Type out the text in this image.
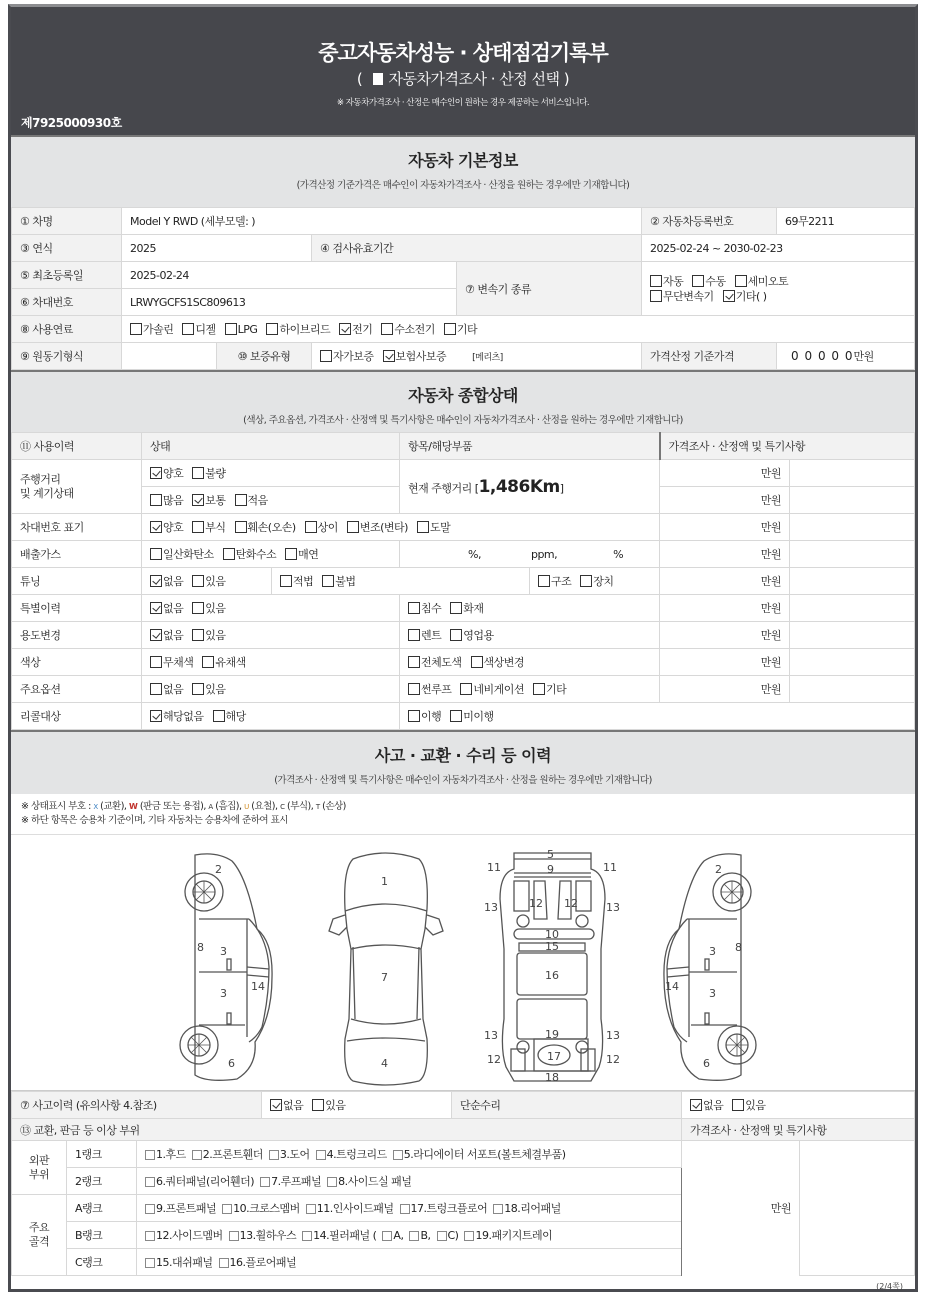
중고자동차성능 · 상태점검기록부
( 자동차가격조사 · 산정 선택 )
※ 자동차가격조사 · 산정은 매수인이 원하는 경우 제공하는 서비스입니다.
제7925000930호
자동차 기본정보
(가격산정 기준가격은 매수인이 자동차가격조사 · 산정을 원하는 경우에만 기재합니다)
① 차명	Model Y RWD (세부모델: )				② 자동차등록번호	69무2211
③ 연식	2025		④ 검사유효기간		2025-02-24 ~ 2030-02-23	
⑤ 최초등록일	2025-02-24			⑦ 변속기 종류	자동 수동 세미오토
무단변속기 기타( )	

⑥ 차대번호	LRWYGCFS1SC809613					
⑧ 사용연료	가솔린 디젤 LPG 하이브리드 전기 수소전기 기타					
⑨ 원동기형식		⑩ 보증유형	자가보증 보험사보증 [메리츠]		가격산정 기준가격	0 0 0 0 0만원
자동차 종합상태
(색상, 주요옵션, 가격조사 · 산정액 및 특기사항은 매수인이 자동차가격조사 · 산정을 원하는 경우에만 기재합니다)
⑪ 사용이력	상태		항목/해당부품		가격조사 · 산정액 및 특기사항	
주행거리
및 계기상태	양호 불량		현재 주행거리 [1,486Km]		만원	
	많음 보통 적음				만원	
차대번호 표기	양호 부식 훼손(오손) 상이 변조(변타) 도말				만원	
배출가스	일산화탄소 탄화수소 매연		%, ppm, %		만원	
튜닝	없음 있음	적법 불법		구조 장치	만원	
특별이력	없음 있음		침수 화재		만원	
용도변경	없음 있음		렌트 영업용		만원	
색상	무채색 유채색		전체도색 색상변경		만원	
주요옵션	없음 있음		썬루프 네비게이션 기타		만원	
리콜대상	해당없음 해당		이행 미이행			
사고 · 교환 · 수리 등 이력
(가격조사 · 산정액 및 특기사항은 매수인이 자동차가격조사 · 산정을 원하는 경우에만 기재합니다)
※ 상태표시 부호 : X (교환), W (판금 또는 용접), A (흠집), U (요철), C (부식), T (손상)
※ 하단 항목은 승용차 기준이며, 기타 자동차는 승용차에 준하여 표시
2
8 3
3
14
6
1
7
4
5
11	11
9
13	13
12 12
10
15
16
13	13
19
12	12
17
18
2
3 8
14
3
6
⑦ 사고이력 (유의사항 4.참조)			없음 있음	단순수리	없음 있음	
⑬ 교환, 판금 등 이상 부위					가격조사 · 산정액 및 특기사항	
외판
부위	1랭크	1.후드 2.프론트휀더 3.도어 4.트렁크리드 5.라디에이터 서포트(볼트체결부품)			만원	
	2랭크	6.쿼터패널(리어휀더) 7.루프패널 8.사이드실 패널				
주요
골격	A랭크	9.프론트패널 10.크로스멤버 11.인사이드패널 17.트렁크플로어 18.리어패널				
	B랭크	12.사이드멤버 13.휠하우스 14.필러패널 ( A, B, C) 19.패키지트레이				
	C랭크	15.대쉬패널 16.플로어패널				
(2/4쪽)
